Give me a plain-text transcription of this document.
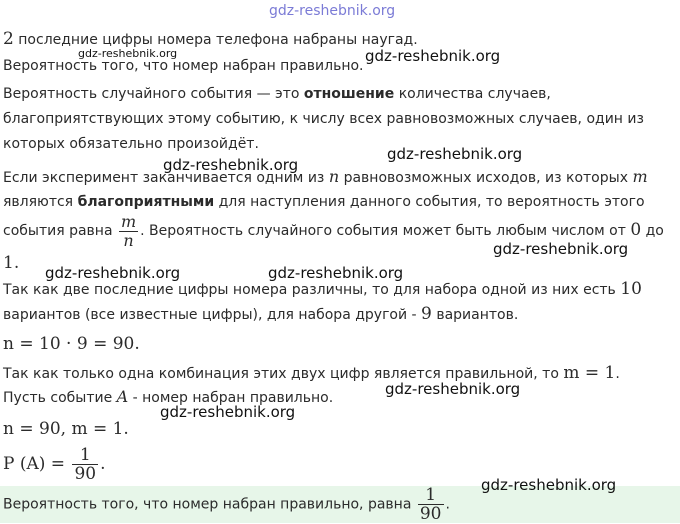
2 последние цифры номера телефона набраны наугад.
Вероятность того, что номер набран правильно.
Вероятность случайного события — это отношение количества случаев,
благоприятствующих этому событию, к числу всех равновозможных случаев, один из
которых обязательно произойдёт.
Если эксперимент заканчивается одним из n равновозможных исходов, из которых m
являются благоприятными для наступления данного события, то вероятность этого
события равна $\frac{m}{n}$ . Вероятность случайного события может быть любым числом от 0 до
1.
Так как две последние цифры номера различны, то для набора одной из них есть 10
вариантов (все известные цифры), для набора другой - 9 вариантов.
n = 10 · 9 = 90.
Так как только одна комбинация этих двух цифр является правильной, то m = 1.
Пусть событие A - номер набран правильно.
n = 90, m = 1.
P $(A) = \frac{1}{90}$ .
Вероятность того, что номер набран правильно, равна $\frac{1}{90}$ .
gdz-reshebnik.org
gdz-reshebnik.org	gdz-reshebnik.org
gdz-reshebnik.org
gdz-reshebnik.org
gdz-reshebnik.org
gdz-reshebnik.org	gdz-reshebnik.org
gdz-reshebnik.org
gdz-reshebnik.org
gdz-reshebnik.org
